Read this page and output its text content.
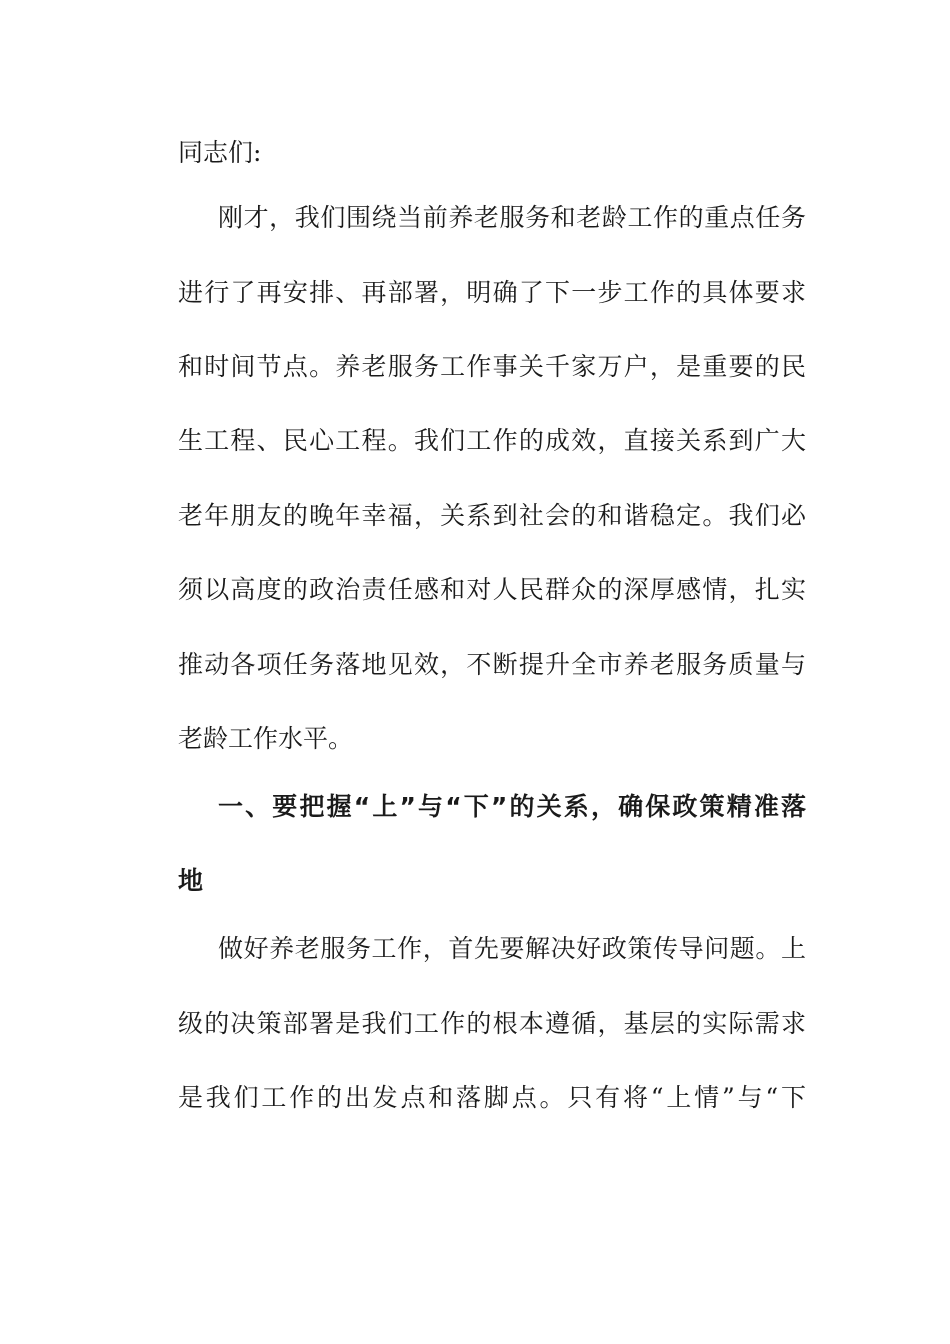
同志们:
刚才，我们围绕当前养老服务和老龄工作的重点任务
进行了再安排、再部署，明确了下一步工作的具体要求
和时间节点。养老服务工作事关千家万户，是重要的民
生工程、民心工程。我们工作的成效，直接关系到广大
老年朋友的晚年幸福，关系到社会的和谐稳定。我们必
须以高度的政治责任感和对人民群众的深厚感情，扎实
推动各项任务落地见效，不断提升全市养老服务质量与
老龄工作水平。
一、要把握“上”与“下”的关系，确保政策精准落
地
做好养老服务工作，首先要解决好政策传导问题。上
级的决策部署是我们工作的根本遵循，基层的实际需求
是我们工作的出发点和落脚点。只有将“上情”与“下
